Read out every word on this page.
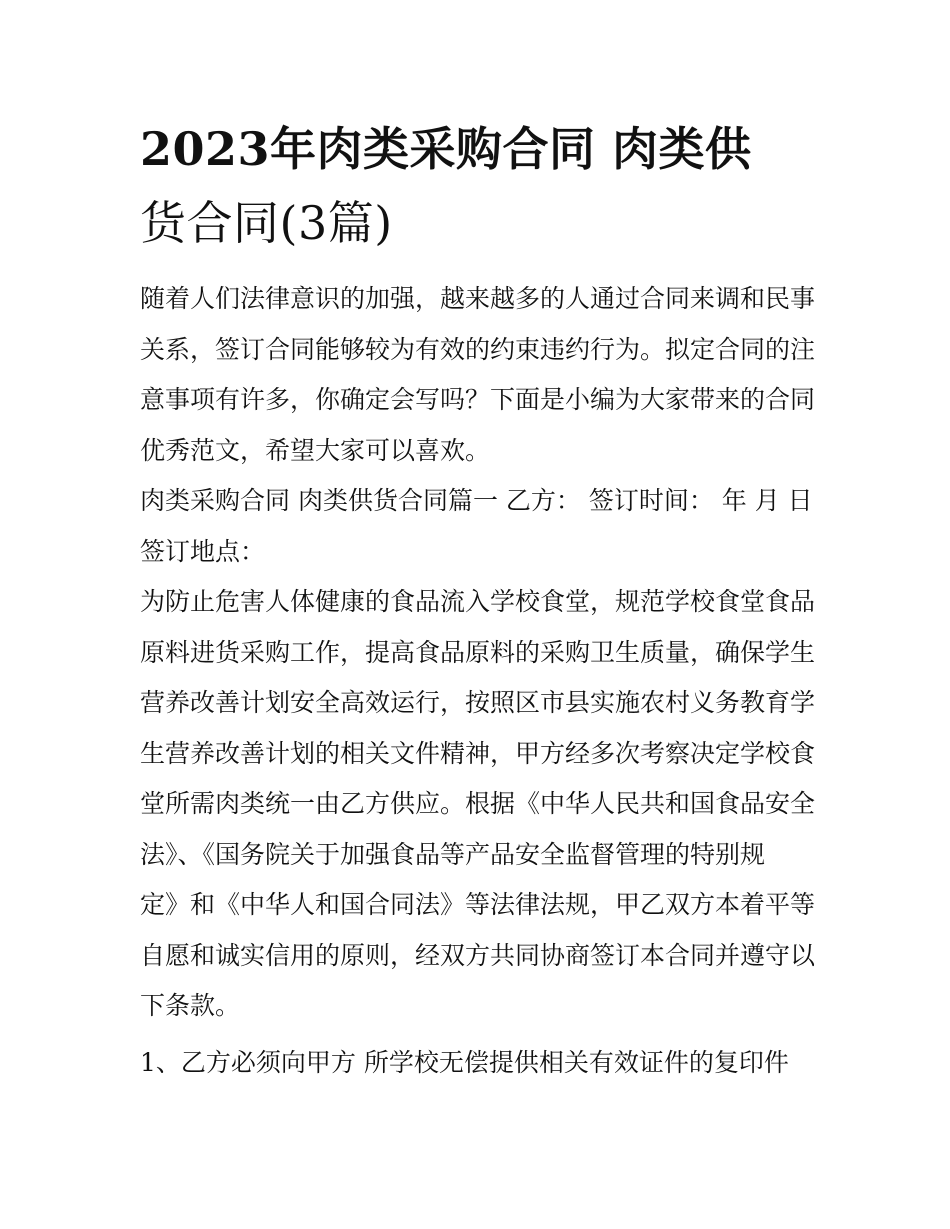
2023年肉类采购合同 肉类供
货合同(3篇)

随着人们法律意识的加强，越来越多的人通过合同来调和民事
关系，签订合同能够较为有效的约束违约行为。拟定合同的注
意事项有许多，你确定会写吗？下面是小编为大家带来的合同
优秀范文，希望大家可以喜欢。

肉类采购合同 肉类供货合同篇一 乙方： 签订时间： 年 月 日
签订地点：

为防止危害人体健康的食品流入学校食堂，规范学校食堂食品
原料进货采购工作，提高食品原料的采购卫生质量，确保学生
营养改善计划安全高效运行，按照区市县实施农村义务教育学
生营养改善计划的相关文件精神，甲方经多次考察决定学校食
堂所需肉类统一由乙方供应。根据《中华人民共和国食品安全
法》、《国务院关于加强食品等产品安全监督管理的特别规
定》和《中华人和国合同法》等法律法规，甲乙双方本着平等
自愿和诚实信用的原则，经双方共同协商签订本合同并遵守以
下条款。

1、乙方必须向甲方 所学校无偿提供相关有效证件的复印件
